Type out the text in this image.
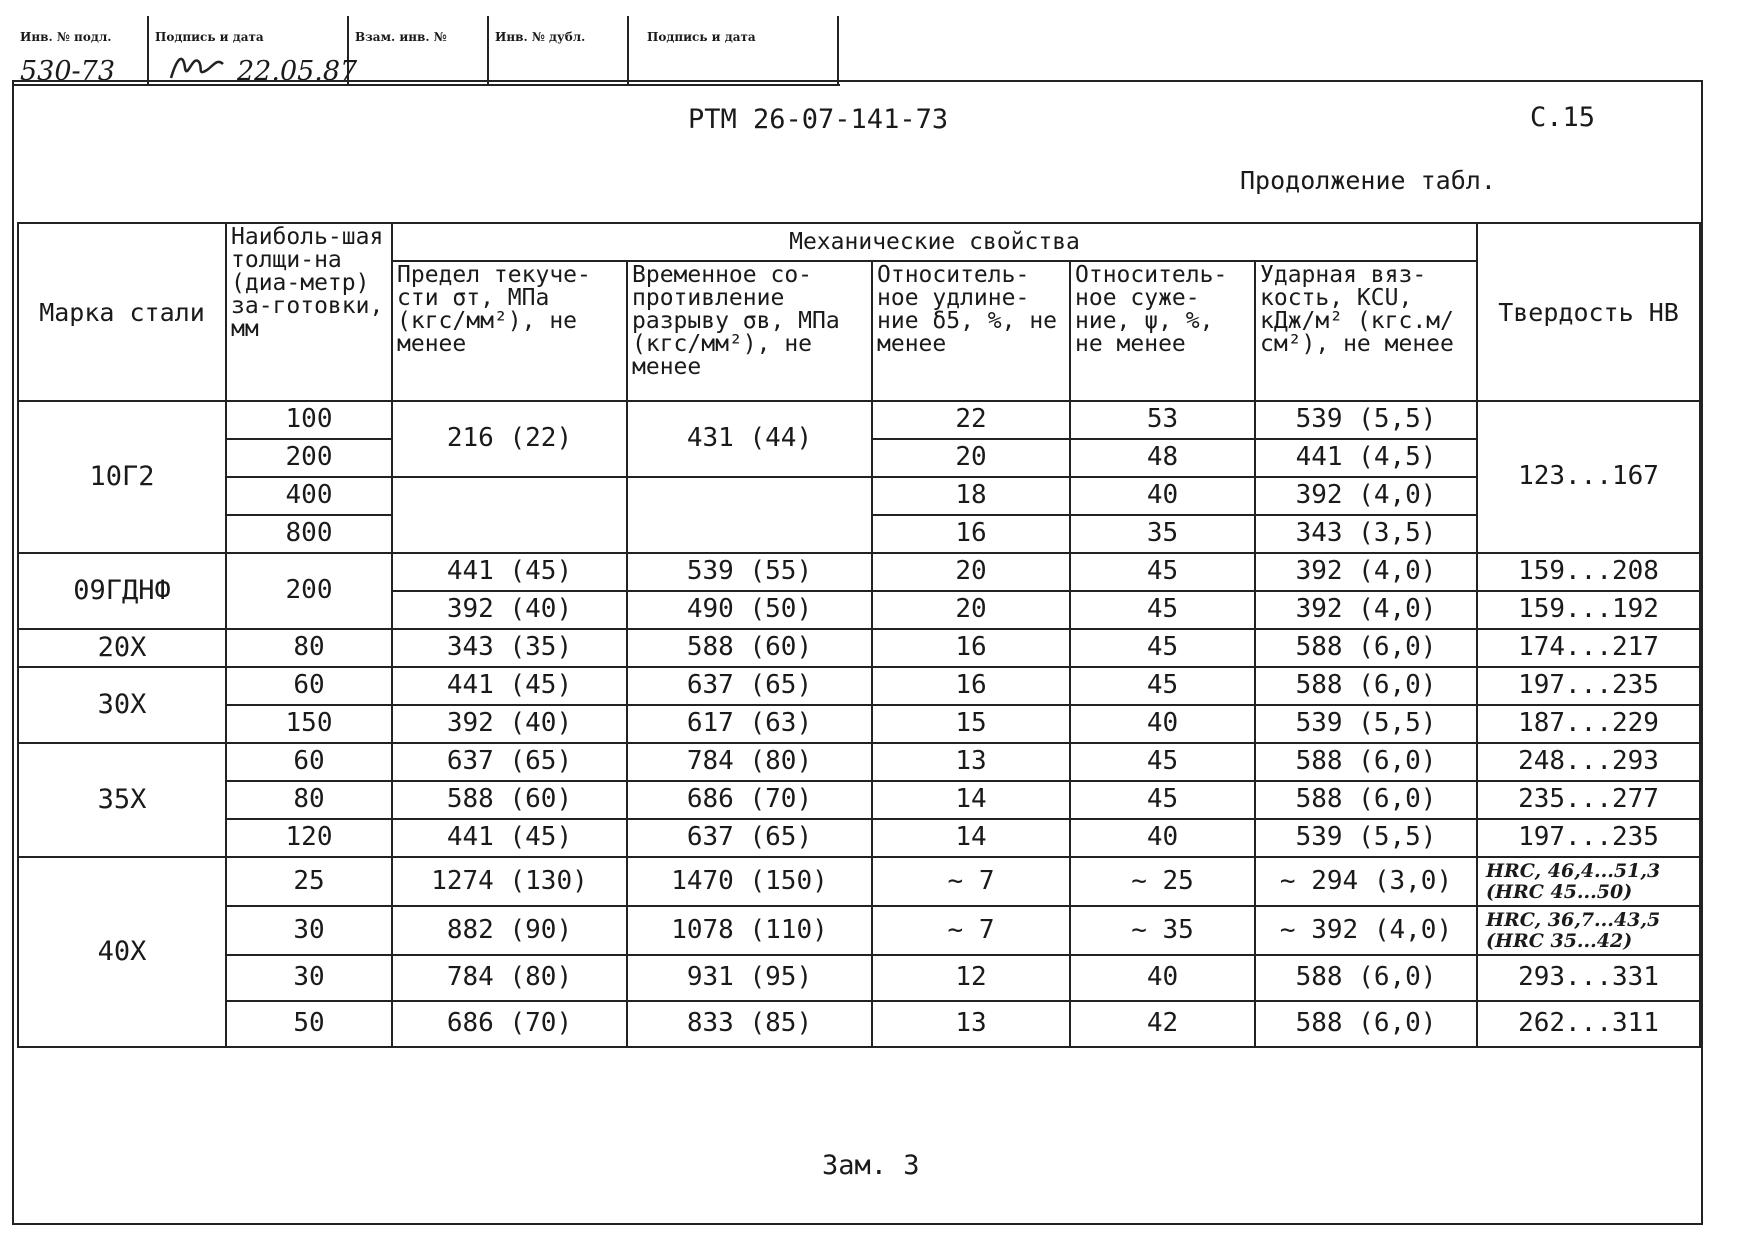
Инв. № подл.
530-73
Подпись и дата
22.05.87
Взам. инв. №	Инв. № дубл.	Подпись и дата
РТМ 26-07-141-73	С.15
Продолжение табл.
Марка стали	Наиболь-шая толщи-на (диа-метр) за-готовки, мм	Механические свойства					Твердость НВ
		Предел текуче-сти σт, МПа (кгс/мм²), не менее	Временное со-противление разрыву σв, МПа (кгс/мм²), не менее	Относитель-ное удлине-ние δ5, %, не менее	Относитель-ное суже-ние, ψ, %, не менее	Ударная вяз-кость, KCU, кДж/м² (кгс.м/см²), не менее	
10Г2	100	216 (22)	431 (44)	22	53	539 (5,5)	123...167
	200			20	48	441 (4,5)	
	400			18	40	392 (4,0)	
	800			16	35	343 (3,5)	
09ГДНФ	200	441 (45)	539 (55)	20	45	392 (4,0)	159...208
		392 (40)	490 (50)	20	45	392 (4,0)	159...192
20Х	80	343 (35)	588 (60)	16	45	588 (6,0)	174...217
30Х	60	441 (45)	637 (65)	16	45	588 (6,0)	197...235
	150	392 (40)	617 (63)	15	40	539 (5,5)	187...229
35Х	60	637 (65)	784 (80)	13	45	588 (6,0)	248...293
	80	588 (60)	686 (70)	14	45	588 (6,0)	235...277
	120	441 (45)	637 (65)	14	40	539 (5,5)	197...235
40Х	25	1274 (130)	1470 (150)	~ 7	~ 25	~ 294 (3,0)	HRC, 46,4...51,3
(HRC 45...50)

	30	882 (90)	1078 (110)	~ 7	~ 35	~ 392 (4,0)	HRC, 36,7...43,5
(HRC 35...42)

	30	784 (80)	931 (95)	12	40	588 (6,0)	293...331
	50	686 (70)	833 (85)	13	42	588 (6,0)	262...311
Зам. 3
